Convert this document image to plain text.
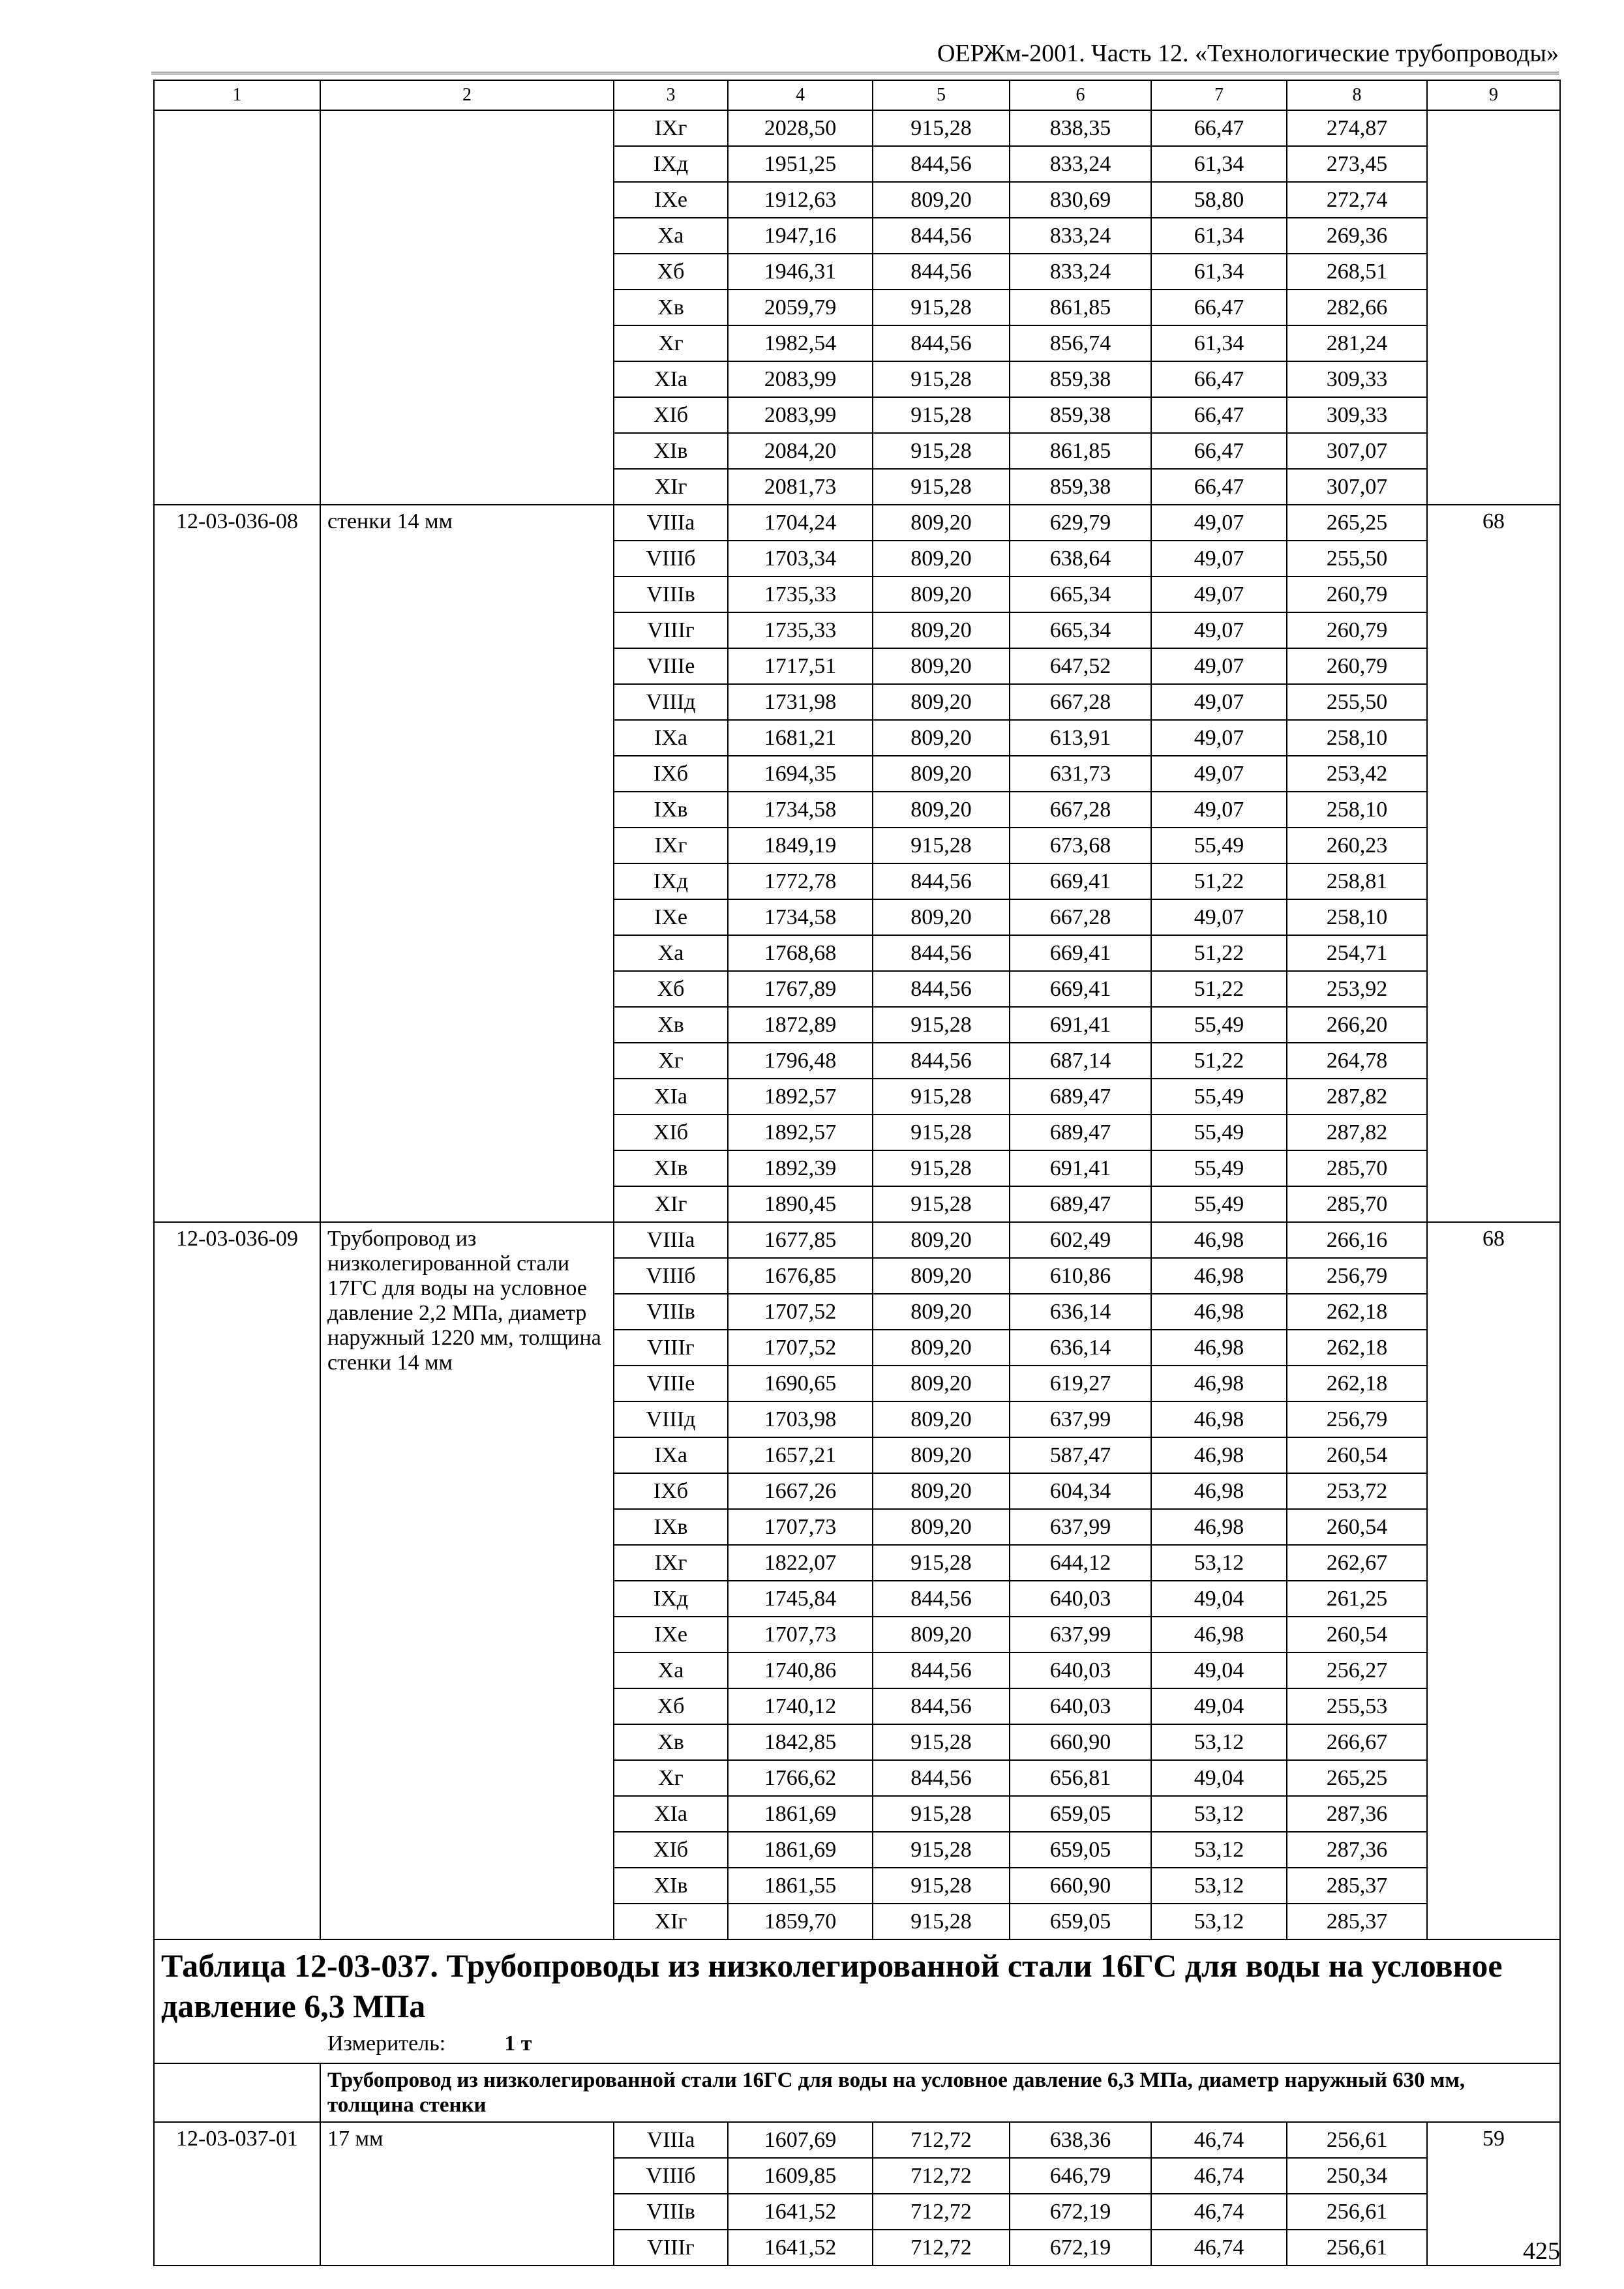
ОЕРЖм-2001. Часть 12. «Технологические трубопроводы»
1	2	3	4	5	6	7	8	9
		IXг	2028,50	915,28	838,35	66,47	274,87	
		IXд	1951,25	844,56	833,24	61,34	273,45	
		IXе	1912,63	809,20	830,69	58,80	272,74	
		Xа	1947,16	844,56	833,24	61,34	269,36	
		Xб	1946,31	844,56	833,24	61,34	268,51	
		Xв	2059,79	915,28	861,85	66,47	282,66	
		Xг	1982,54	844,56	856,74	61,34	281,24	
		XIа	2083,99	915,28	859,38	66,47	309,33	
		XIб	2083,99	915,28	859,38	66,47	309,33	
		XIв	2084,20	915,28	861,85	66,47	307,07	
		XIг	2081,73	915,28	859,38	66,47	307,07	
12-03-036-08	стенки 14 мм	VIIIа	1704,24	809,20	629,79	49,07	265,25	68
		VIIIб	1703,34	809,20	638,64	49,07	255,50	
		VIIIв	1735,33	809,20	665,34	49,07	260,79	
		VIIIг	1735,33	809,20	665,34	49,07	260,79	
		VIIIе	1717,51	809,20	647,52	49,07	260,79	
		VIIIд	1731,98	809,20	667,28	49,07	255,50	
		IXа	1681,21	809,20	613,91	49,07	258,10	
		IXб	1694,35	809,20	631,73	49,07	253,42	
		IXв	1734,58	809,20	667,28	49,07	258,10	
		IXг	1849,19	915,28	673,68	55,49	260,23	
		IXд	1772,78	844,56	669,41	51,22	258,81	
		IXе	1734,58	809,20	667,28	49,07	258,10	
		Xа	1768,68	844,56	669,41	51,22	254,71	
		Xб	1767,89	844,56	669,41	51,22	253,92	
		Xв	1872,89	915,28	691,41	55,49	266,20	
		Xг	1796,48	844,56	687,14	51,22	264,78	
		XIа	1892,57	915,28	689,47	55,49	287,82	
		XIб	1892,57	915,28	689,47	55,49	287,82	
		XIв	1892,39	915,28	691,41	55,49	285,70	
		XIг	1890,45	915,28	689,47	55,49	285,70	
12-03-036-09	Трубопровод из низколегированной стали 17ГС для воды на условное давление 2,2 МПа, диаметр наружный 1220 мм, толщина стенки 14 мм	VIIIа	1677,85	809,20	602,49	46,98	266,16	68
		VIIIб	1676,85	809,20	610,86	46,98	256,79	
		VIIIв	1707,52	809,20	636,14	46,98	262,18	
		VIIIг	1707,52	809,20	636,14	46,98	262,18	
		VIIIе	1690,65	809,20	619,27	46,98	262,18	
		VIIIд	1703,98	809,20	637,99	46,98	256,79	
		IXа	1657,21	809,20	587,47	46,98	260,54	
		IXб	1667,26	809,20	604,34	46,98	253,72	
		IXв	1707,73	809,20	637,99	46,98	260,54	
		IXг	1822,07	915,28	644,12	53,12	262,67	
		IXд	1745,84	844,56	640,03	49,04	261,25	
		IXе	1707,73	809,20	637,99	46,98	260,54	
		Xа	1740,86	844,56	640,03	49,04	256,27	
		Xб	1740,12	844,56	640,03	49,04	255,53	
		Xв	1842,85	915,28	660,90	53,12	266,67	
		Xг	1766,62	844,56	656,81	49,04	265,25	
		XIа	1861,69	915,28	659,05	53,12	287,36	
		XIб	1861,69	915,28	659,05	53,12	287,36	
		XIв	1861,55	915,28	660,90	53,12	285,37	
		XIг	1859,70	915,28	659,05	53,12	285,37	

Таблица 12-03-037. Трубопроводы из низколегированной стали 16ГС для воды на условное давление 6,3 МПа
Измеритель: 1 т								

	Трубопровод из низколегированной стали 16ГС для воды на условное давление 6,3 МПа, диаметр наружный 630 мм, толщина стенки							
12-03-037-01	17 мм	VIIIа	1607,69	712,72	638,36	46,74	256,61	59
		VIIIб	1609,85	712,72	646,79	46,74	250,34	
		VIIIв	1641,52	712,72	672,19	46,74	256,61	
		VIIIг	1641,52	712,72	672,19	46,74	256,61		425
